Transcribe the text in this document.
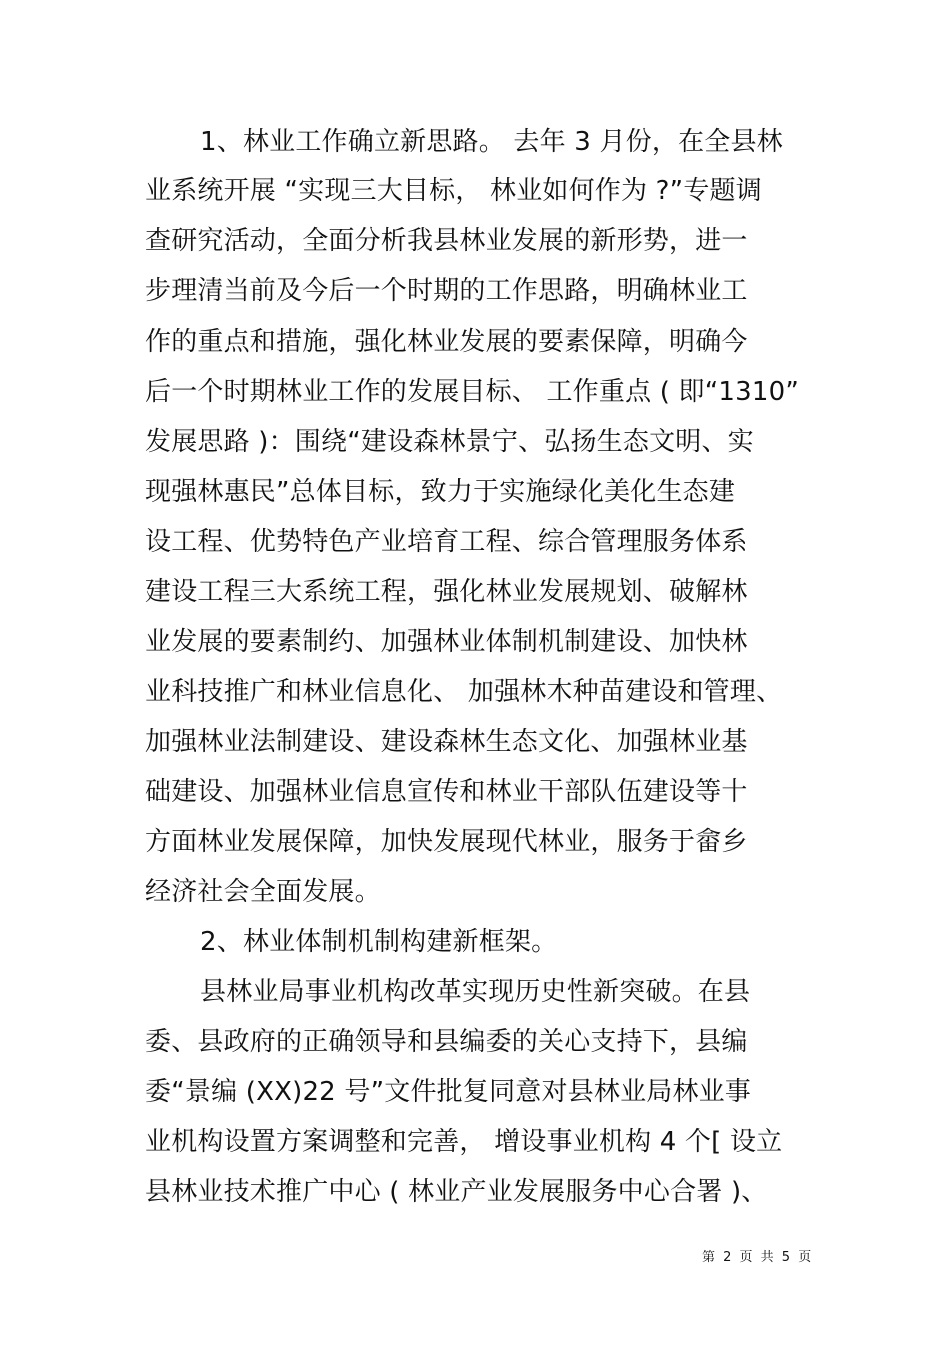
1、林业工作确立新思路。 去年 3 月份，在全县林
业系统开展 “实现三大目标， 林业如何作为 ?”专题调
查研究活动，全面分析我县林业发展的新形势，进一
步理清当前及今后一个时期的工作思路，明确林业工
作的重点和措施，强化林业发展的要素保障，明确今
后一个时期林业工作的发展目标、 工作重点 ( 即“1310”
发展思路 )：围绕“建设森林景宁、弘扬生态文明、实
现强林惠民”总体目标，致力于实施绿化美化生态建
设工程、优势特色产业培育工程、综合管理服务体系
建设工程三大系统工程，强化林业发展规划、破解林
业发展的要素制约、加强林业体制机制建设、加快林
业科技推广和林业信息化、 加强林木种苗建设和管理、
加强林业法制建设、建设森林生态文化、加强林业基
础建设、加强林业信息宣传和林业干部队伍建设等十
方面林业发展保障，加快发展现代林业，服务于畲乡
经济社会全面发展。
2、林业体制机制构建新框架。
县林业局事业机构改革实现历史性新突破。在县
委、县政府的正确领导和县编委的关心支持下，县编
委“景编 (XX)22 号”文件批复同意对县林业局林业事
业机构设置方案调整和完善， 增设事业机构 4 个[ 设立
县林业技术推广中心 ( 林业产业发展服务中心合署 )、
第 2 页 共 5 页
